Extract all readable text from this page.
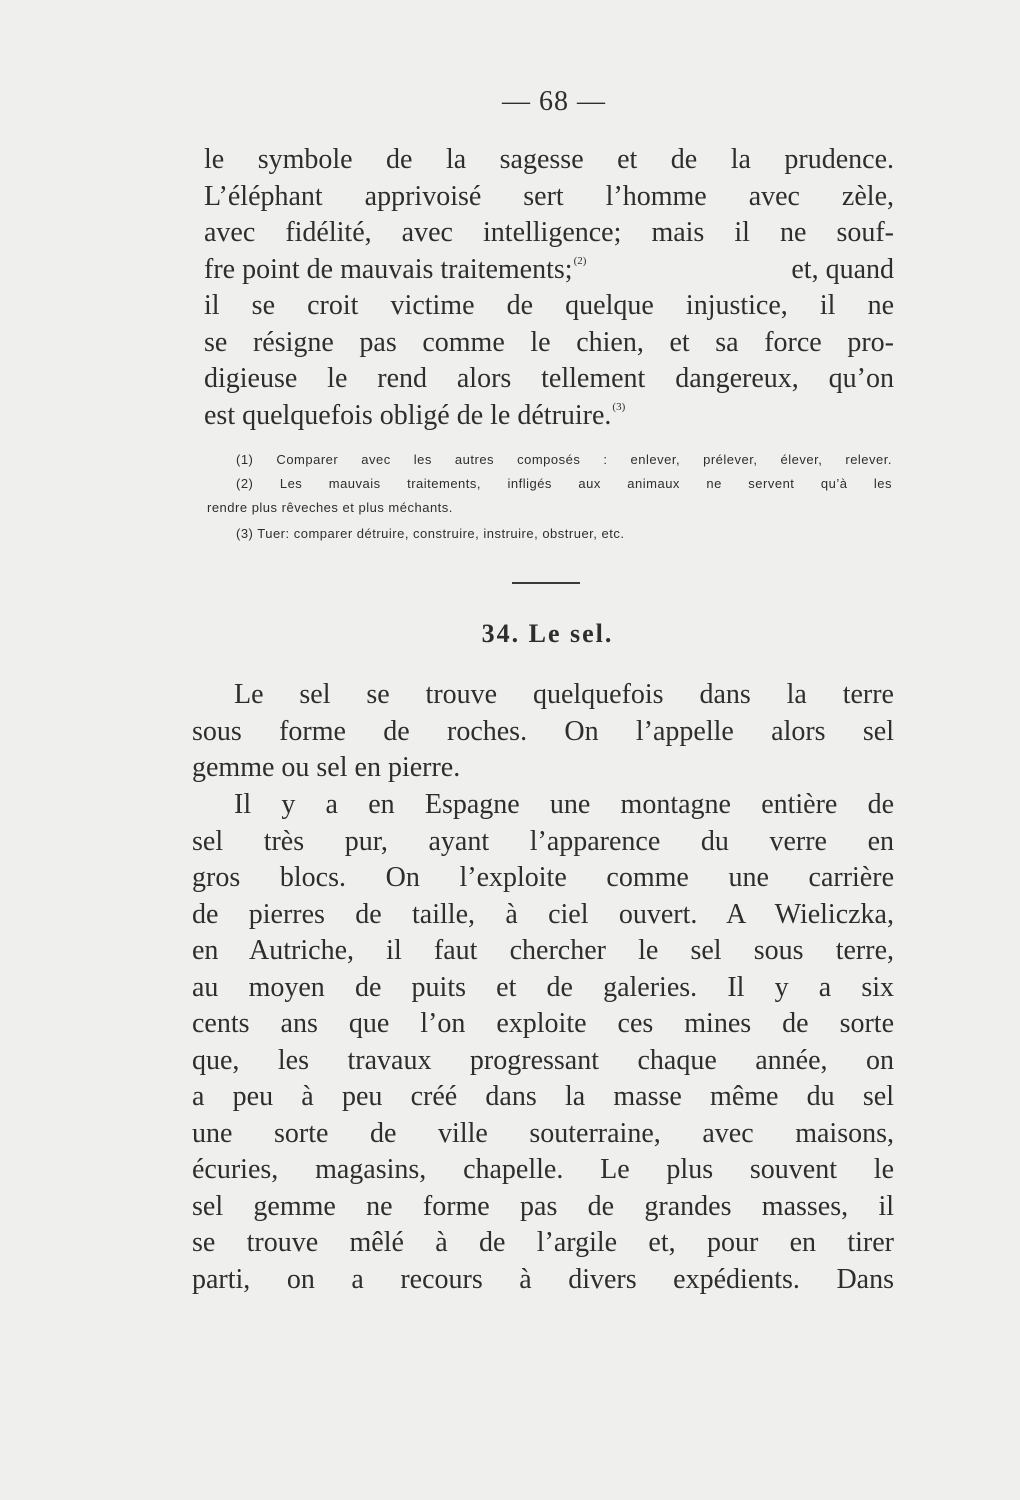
— 68 —
le symbole de la sagesse et de la prudence.
L’éléphant apprivoisé sert l’homme avec zèle,
avec fidélité, avec intelligence; mais il ne souf-
fre point de mauvais traitements;$^{(2)}$	et, quand
il se croit victime de quelque injustice, il ne
se résigne pas comme le chien, et sa force pro-
digieuse le rend alors tellement dangereux, qu’on
est quelquefois obligé de le détruire.$^{(3)}$
(1) Comparer avec les autres composés : enlever, prélever, élever, relever.
(2) Les mauvais traitements, infligés aux animaux ne servent qu’à les
rendre plus rêveches et plus méchants.
(3) Tuer: comparer détruire, construire, instruire, obstruer, etc.
34. Le sel.
Le sel se trouve quelquefois dans la terre
sous forme de roches. On l’appelle alors sel
gemme ou sel en pierre.
Il y a en Espagne une montagne entière de
sel très pur, ayant l’apparence du verre en
gros blocs. On l’exploite comme une carrière
de pierres de taille, à ciel ouvert. A Wieliczka,
en Autriche, il faut chercher le sel sous terre,
au moyen de puits et de galeries. Il y a six
cents ans que l’on exploite ces mines de sorte
que, les travaux progressant chaque année, on
a peu à peu créé dans la masse même du sel
une sorte de ville souterraine, avec maisons,
écuries, magasins, chapelle. Le plus souvent le
sel gemme ne forme pas de grandes masses, il
se trouve mêlé à de l’argile et, pour en tirer
parti, on a recours à divers expédients. Dans
